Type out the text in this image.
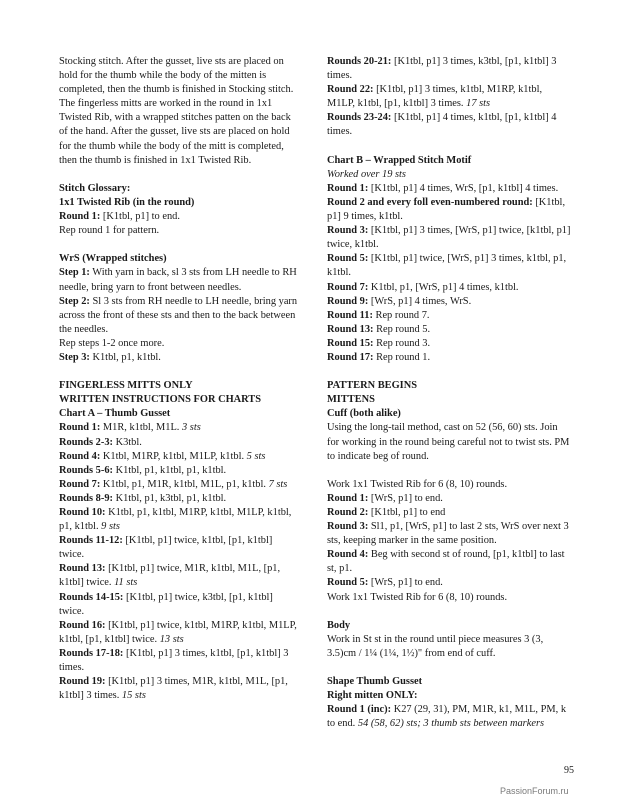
Stocking stitch. After the gusset, live sts are placed on hold for the thumb while the body of the mitten is completed, then the thumb is finished in Stocking stitch.

The fingerless mitts are worked in the round in 1x1 Twisted Rib, with a wrapped stitches patten on the back of the hand. After the gusset, live sts are placed on hold for the thumb while the body of the mitt is completed, then the thumb is finished in 1x1 Twisted Rib.

Stitch Glossary:

1x1 Twisted Rib (in the round)

Round 1: [K1tbl, p1] to end.

Rep round 1 for pattern.

WrS (Wrapped stitches)

Step 1: With yarn in back, sl 3 sts from LH needle to RH needle, bring yarn to front between needles.

Step 2: Sl 3 sts from RH needle to LH needle, bring yarn across the front of these sts and then to the back between the needles.

Rep steps 1-2 once more.

Step 3: K1tbl, p1, k1tbl.

FINGERLESS MITTS ONLY

WRITTEN INSTRUCTIONS FOR CHARTS

Chart A – Thumb Gusset

Round 1: M1R, k1tbl, M1L. 3 sts

Rounds 2-3: K3tbl.

Round 4: K1tbl, M1RP, k1tbl, M1LP, k1tbl. 5 sts

Rounds 5-6: K1tbl, p1, k1tbl, p1, k1tbl.

Round 7: K1tbl, p1, M1R, k1tbl, M1L, p1, k1tbl. 7 sts

Rounds 8-9: K1tbl, p1, k3tbl, p1, k1tbl.

Round 10: K1tbl, p1, k1tbl, M1RP, k1tbl, M1LP, k1tbl, p1, k1tbl. 9 sts

Rounds 11-12: [K1tbl, p1] twice, k1tbl, [p1, k1tbl] twice.

Round 13: [K1tbl, p1] twice, M1R, k1tbl, M1L, [p1, k1tbl] twice. 11 sts

Rounds 14-15: [K1tbl, p1] twice, k3tbl, [p1, k1tbl] twice.

Round 16: [K1tbl, p1] twice, k1tbl, M1RP, k1tbl, M1LP, k1tbl, [p1, k1tbl] twice. 13 sts

Rounds 17-18: [K1tbl, p1] 3 times, k1tbl, [p1, k1tbl] 3 times.

Round 19: [K1tbl, p1] 3 times, M1R, k1tbl, M1L, [p1, k1tbl] 3 times. 15 sts

Rounds 20-21: [K1tbl, p1] 3 times, k3tbl, [p1, k1tbl] 3 times.

Round 22: [K1tbl, p1] 3 times, k1tbl, M1RP, k1tbl, M1LP, k1tbl, [p1, k1tbl] 3 times. 17 sts

Rounds 23-24: [K1tbl, p1] 4 times, k1tbl, [p1, k1tbl] 4 times.

Chart B – Wrapped Stitch Motif

Worked over 19 sts

Round 1: [K1tbl, p1] 4 times, WrS, [p1, k1tbl] 4 times.

Round 2 and every foll even-numbered round: [K1tbl, p1] 9 times, k1tbl.

Round 3: [K1tbl, p1] 3 times, [WrS, p1] twice, [k1tbl, p1] twice, k1tbl.

Round 5: [K1tbl, p1] twice, [WrS, p1] 3 times, k1tbl, p1, k1tbl.

Round 7: K1tbl, p1, [WrS, p1] 4 times, k1tbl.

Round 9: [WrS, p1] 4 times, WrS.

Round 11: Rep round 7.

Round 13: Rep round 5.

Round 15: Rep round 3.

Round 17: Rep round 1.

PATTERN BEGINS

MITTENS

Cuff (both alike)

Using the long-tail method, cast on 52 (56, 60) sts. Join for working in the round being careful not to twist sts. PM to indicate beg of round.

Work 1x1 Twisted Rib for 6 (8, 10) rounds.

Round 1: [WrS, p1] to end.

Round 2: [K1tbl, p1] to end

Round 3: Sl1, p1, [WrS, p1] to last 2 sts, WrS over next 3 sts, keeping marker in the same position.

Round 4: Beg with second st of round, [p1, k1tbl] to last st, p1.

Round 5: [WrS, p1] to end.

Work 1x1 Twisted Rib for 6 (8, 10) rounds.

Body

Work in St st in the round until piece measures 3 (3, 3.5)cm / 1¼ (1¼, 1½)" from end of cuff.

Shape Thumb Gusset

Right mitten ONLY:

Round 1 (inc): K27 (29, 31), PM, M1R, k1, M1L, PM, k to end. 54 (58, 62) sts; 3 thumb sts between markers

95
PassionForum.ru
